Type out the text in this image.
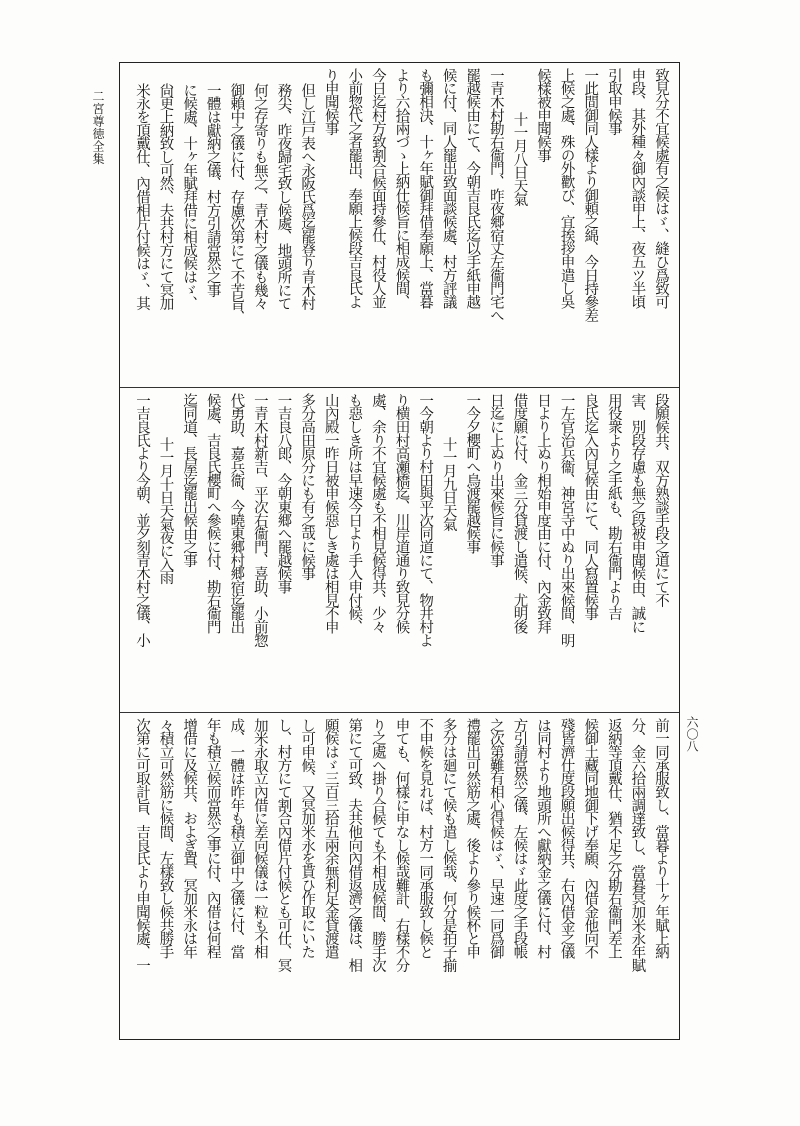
二宮尊徳全集
六〇八
致見分不宜候處有之候はゞ、縫ひ爲致可
申段、其外種々御內談申上、夜五ツ半頃
引取申候事
一此間御同人樣より御頼之綿、今日持參差
上候之處、殊の外歡び、宜挨拶申遣し吳
候樣被申聞候事
十一月八日天氣
一青木村勘右衞門、昨夜郷宿丈左衞門宅へ
罷越候由にて、今朝吉良氏迄以手紙申越
候に付、同人罷出致面談候處、村方評議
も彌相決、十ヶ年賦御拜借奉願上、當暮
より六拾兩づゝ上納仕候旨に相成候間、
今日迄村方致割合候面持參仕、村役人並
小前惣代之者罷出、奉願上候段吉良氏よ
り申聞候事
但し江戸表へ永阪氏爲迄罷登り青木村
務尖、昨夜歸宅致し候處、地頭所にて
何之存寄りも無之、青木村之儀も幾々
御賴中之儀に付、存慮次第にて不苦旨、
一體は獻納之儀、村方引請當然之事
に候處、十ヶ年賦拜借に相成候はゞ、
尙更上納致し可然、夫共村方にて冥加
米永を頂戴仕、內借相片付候はゞ、其
段願候共、双方熟談手段之道にて不
害、別段存慮も無之段被申聞候由、誠に
用役衆より之手紙も、勘右衞門より吉
良氏迄入內見候由にて、同人寫置候事
一左官治兵衞、神宮寺中ぬり出來候間、明
日より上ぬり相始申度由に付、內金致拜
借度願に付、金三分貸渡し遣候、尤明後
日迄に上ぬり出來候旨に候事
一今夕櫻町へ鳥渡罷越候事
十一月九日天氣
一今朝より村田與平次同道にて、物井村よ
り横田村高瀬橋迄、川岸道通り致見分候
處、余り不宜候處も不相見候得共、少々
も惡しき所は早速今日より手入申付候、
山內殿一昨日被申候惡しき處は相見不申
多分高田原分にも有之哉に候事
一吉良八郎、今朝東郷へ罷越候事
一青木村新吉、平次右衞門、喜助、小前惣
代勇助、嘉兵衞、今曉東郷村郷宿迄罷出
候處、吉良氏櫻町へ參候に付、勘右衞門
迄同道、長屋迄罷出候由之事
十一月十日天氣夜に入雨
一吉良氏より今朝、並夕刻青木村之儀、小
前一同承服致し、當暮より十ヶ年賦上納
分、金六拾兩調達致し、當暮冥加米永年賦
返納等頂戴仕、猶不足之分勘右衞門差上
候御土藏同地御下げ奉願、內借金他向不
殘皆濟仕度段願出候得共、右內借金之儀
は同村より地頭所へ獻納金之儀に付、村
方引請當然之儀、左候はゞ此度之手段帳
之次第難有相心得候はゞ、早速一同爲御
禮罷出可然筋之處、後より參り候杯と申
多分は廻にて候も遣し候哉、何分是拍子揃
不申候を見れば、村方一同承服致し候と
申ても、何樣に申なし候哉難計、右樣不分
り之處へ掛り合候ても不相成候間、勝手次
第にて可致、夫共他向內借返濟之儀は、相
願候はゞ三百三拾五兩余無利足金貸渡遣
し可申候、又冥加米永を貰ひ作取にいた
し、村方にて割合內借片付候とも可仕、冥
加米永取立內借に差向候儀は一粒も不相
成、一體は昨年も積立御中之儀に付、當
年も積立候而當然之事に付、內借は何程
增借に及候共、およぎ置、冥加米永は年
々積立可然筋に候間、左樣致し候共勝手
次第に可取計旨、吉良氏より申聞候處、一
